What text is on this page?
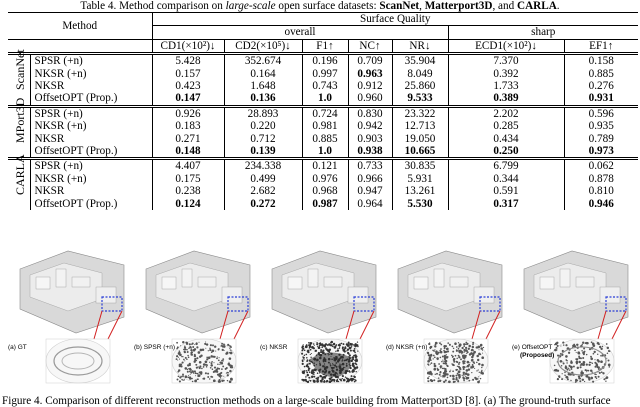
Table 4. Method comparison on large-scale open surface datasets: ScanNet, Matterport3D, and CARLA.
Method		Surface Quality						
		overall					sharp	
		CD1(×10²)↓	CD2(×10⁵)↓	F1↑	NC↑	NR↓	ECD1(×10²)↓	EF1↑

ScanNet	SPSR (+n)	5.428	352.674	0.196	0.709	35.904	7.370	0.158
	NKSR (+n)	0.157	0.164	0.997	0.963	8.049	0.392	0.885
	NKSR	0.423	1.648	0.743	0.912	25.860	1.733	0.276
	OffsetOPT (Prop.)	0.147	0.136	1.0	0.960	9.533	0.389	0.931

MPort3D	SPSR (+n)	0.926	28.893	0.724	0.830	23.322	2.202	0.596
	NKSR (+n)	0.183	0.220	0.981	0.942	12.713	0.285	0.935
	NKSR	0.271	0.712	0.885	0.903	19.050	0.434	0.789
	OffsetOPT (Prop.)	0.148	0.139	1.0	0.938	10.665	0.250	0.973

CARLA	SPSR (+n)	4.407	234.338	0.121	0.733	30.835	6.799	0.062
	NKSR (+n)	0.175	0.499	0.976	0.966	5.931	0.344	0.878
	NKSR	0.238	2.682	0.968	0.947	13.261	0.591	0.810
	OffsetOPT (Prop.)	0.124	0.272	0.987	0.964	5.530	0.317	0.946
(a) GT	(b) SPSR (+n)	(c) NKSR	(d) NKSR (+n)	(e) OffsetOPT
(Proposed)
Figure 4. Comparison of different reconstruction methods on a large-scale building from Matterport3D [8]. (a) The ground-truth surface
